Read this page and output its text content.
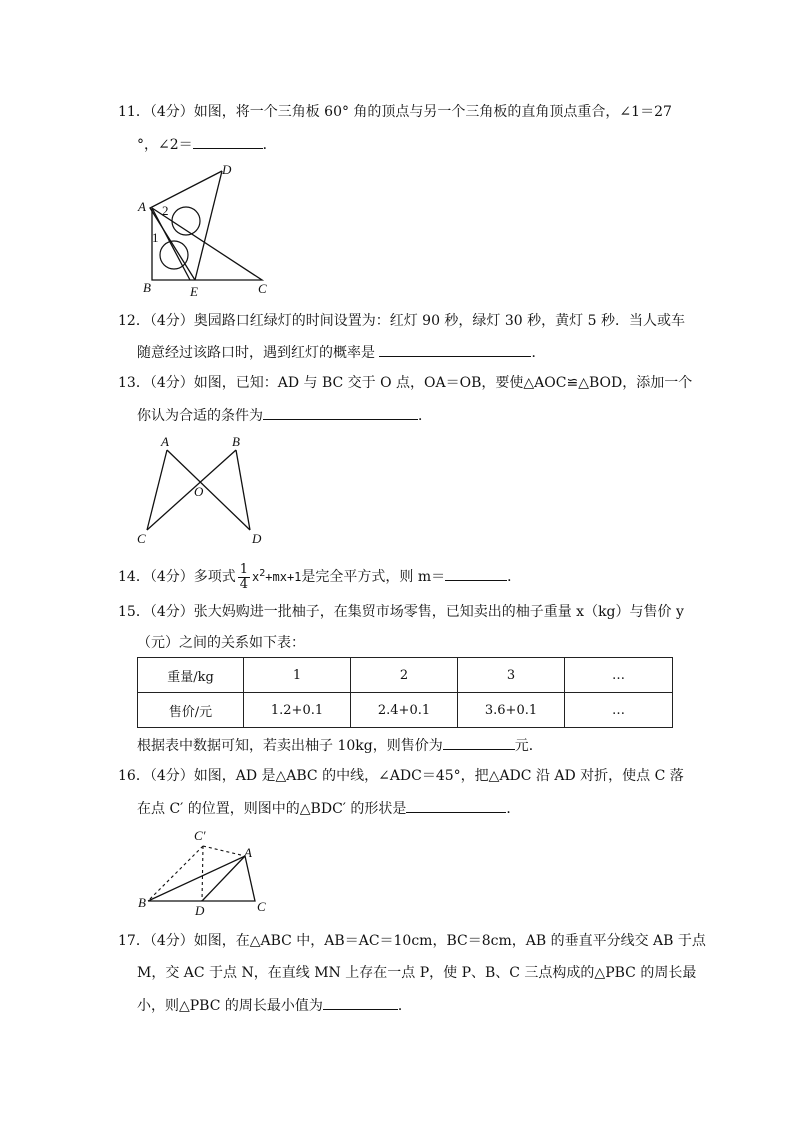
11．（4分）如图，将一个三角板 60° 角的顶点与另一个三角板的直角顶点重合，∠1＝27
°，∠2＝	．
D
A 2
1
B	E	C
12．（4分）奥园路口红绿灯的时间设置为：红灯 90 秒，绿灯 30 秒，黄灯 5 秒．当人或车
随意经过该路口时，遇到红灯的概率是	．
13．（4分）如图，已知：AD 与 BC 交于 O 点，OA＝OB，要使△AOC≌△BOD，添加一个
你认为合适的条件为	．
A	B
O
C	D
14．（4分）多项式 $\frac{1}{4} x^2+mx+1$是完全平方式，则 m＝	．
15．（4分）张大妈购进一批柚子，在集贸市场零售，已知卖出的柚子重量 x（kg）与售价 y
（元）之间的关系如下表：
重量/kg	1	2	3	…
售价/元	1.2+0.1	2.4+0.1	3.6+0.1	…
根据表中数据可知，若卖出柚子 10kg，则售价为	元．
16．（4分）如图，AD 是△ABC 的中线，∠ADC＝45°，把△ADC 沿 AD 对折，使点 C 落
在点 C′ 的位置，则图中的△BDC′ 的形状是	．
C′
A
B
D	C
17．（4分）如图，在△ABC 中，AB＝AC＝10cm，BC＝8cm，AB 的垂直平分线交 AB 于点
M，交 AC 于点 N，在直线 MN 上存在一点 P，使 P、B、C 三点构成的△PBC 的周长最
小，则△PBC 的周长最小值为	．
